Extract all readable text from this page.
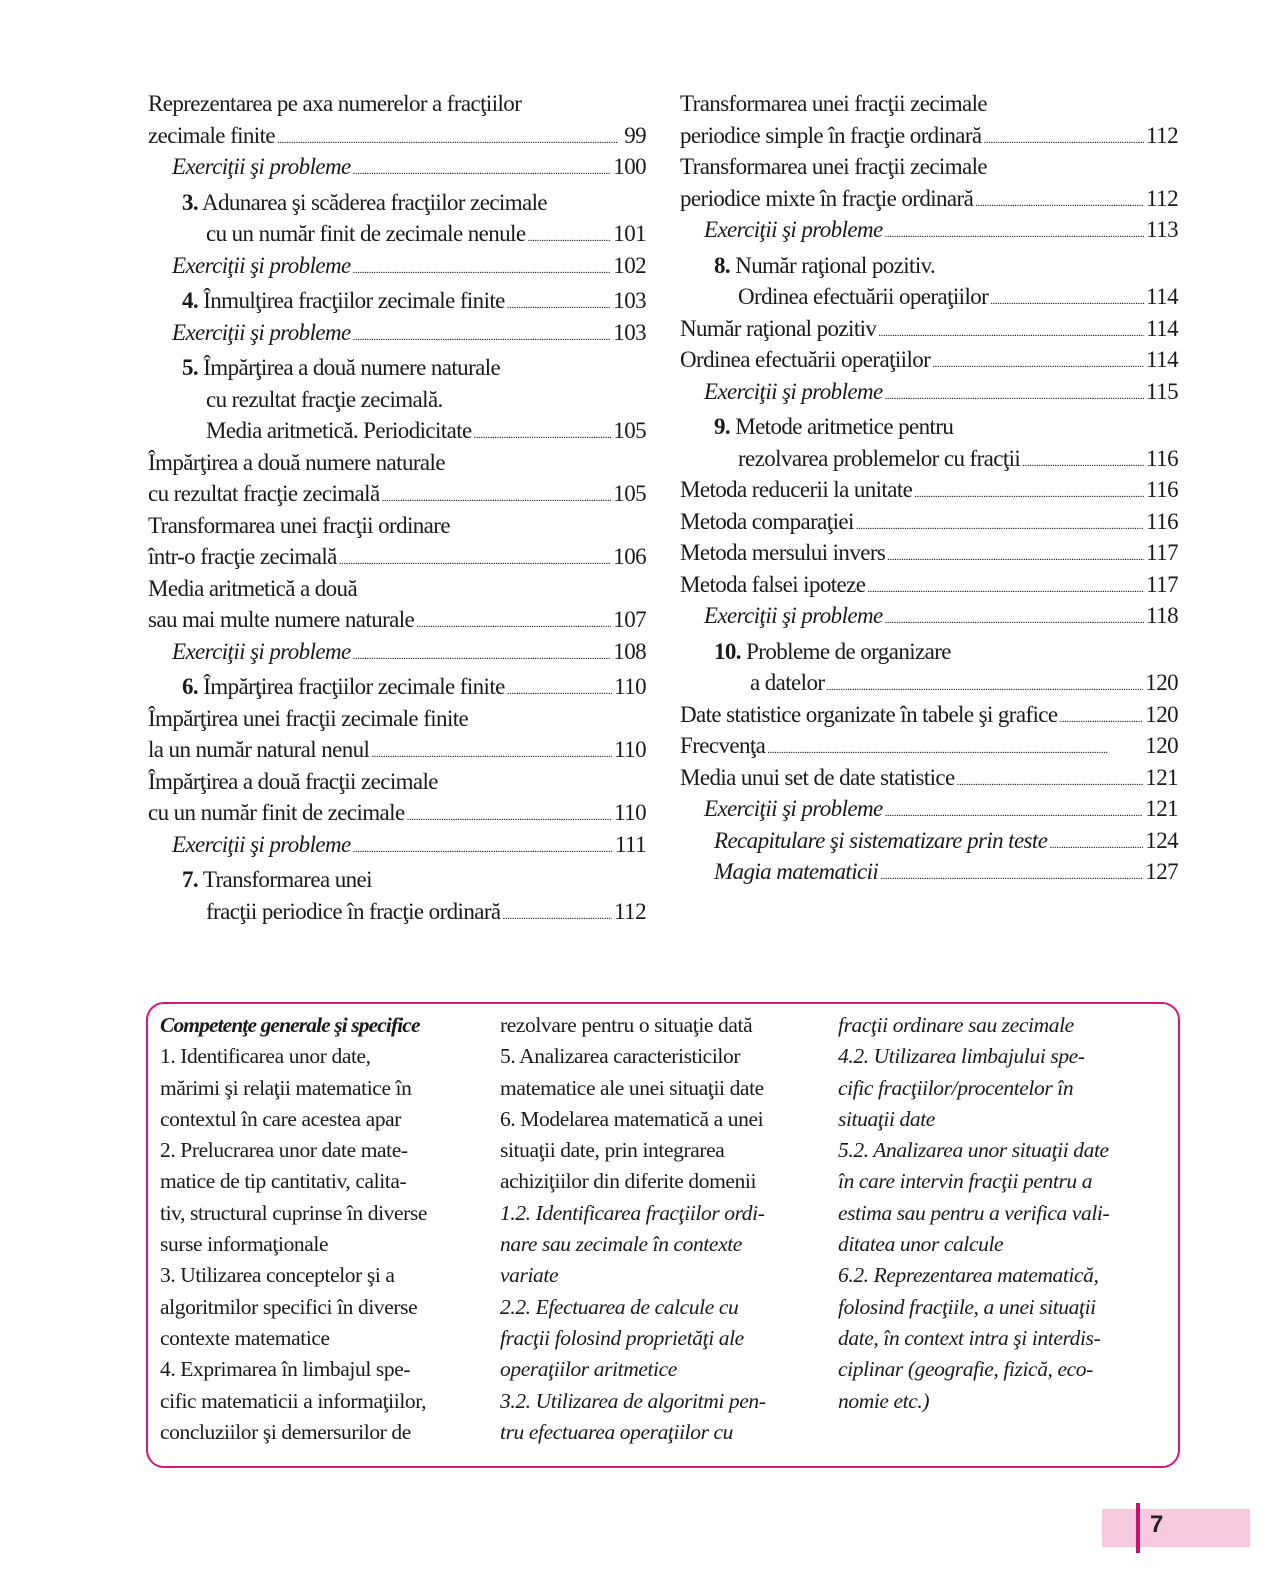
Reprezentarea pe axa numerelor a fracţiilor
zecimale finite . . .	99
Exerciţii şi probleme . . .	100
3. Adunarea şi scăderea fracţiilor zecimale
cu un număr finit de zecimale nenule . . .	101
Exerciţii şi probleme . . .	102
4. Înmulţirea fracţiilor zecimale finite . . .	103
Exerciţii şi probleme . . .	103
5. Împărţirea a două numere naturale
cu rezultat fracţie zecimală.
Media aritmetică. Periodicitate . . .	105
Împărţirea a două numere naturale
cu rezultat fracţie zecimală . . .	105
Transformarea unei fracţii ordinare
într-o fracţie zecimală . . .	106
Media aritmetică a două
sau mai multe numere naturale . . .	107
Exerciţii şi probleme . . .	108
6. Împărţirea fracţiilor zecimale finite . . .	110
Împărţirea unei fracţii zecimale finite
la un număr natural nenul . . .	110
Împărţirea a două fracţii zecimale
cu un număr finit de zecimale . . .	110
Exerciţii şi probleme . . .	111
7. Transformarea unei
fracţii periodice în fracţie ordinară . . .	112
Transformarea unei fracţii zecimale
periodice simple în fracţie ordinară . . .	112
Transformarea unei fracţii zecimale
periodice mixte în fracţie ordinară . . .	112
Exerciţii şi probleme . . .	113
8. Număr raţional pozitiv.
Ordinea efectuării operaţiilor . . .	114
Număr raţional pozitiv . . .	114
Ordinea efectuării operaţiilor . . .	114
Exerciţii şi probleme . . .	115
9. Metode aritmetice pentru
rezolvarea problemelor cu fracţii . . .	116
Metoda reducerii la unitate . . .	116
Metoda comparaţiei . . .	116
Metoda mersului invers . . .	117
Metoda falsei ipoteze . . .	117
Exerciţii şi probleme . . .	118
10. Probleme de organizare
a datelor . . .	120
Date statistice organizate în tabele şi grafice . . .	120
Frecvenţa . . .	120
Media unui set de date statistice . . .	121
Exerciţii şi probleme . . .	121
Recapitulare şi sistematizare prin teste . . .	124
Magia matematicii . . .	127
Competenţe generale şi specifice
1. Identificarea unor date,
mărimi şi relaţii matematice în
contextul în care acestea apar
2. Prelucrarea unor date mate-
matice de tip cantitativ, calita-
tiv, structural cuprinse în diverse
surse informaţionale
3. Utilizarea conceptelor şi a
algoritmilor specifici în diverse
contexte matematice
4. Exprimarea în limbajul spe-
cific matematicii a informaţiilor,
concluziilor şi demersurilor de
rezolvare pentru o situaţie dată
5. Analizarea caracteristicilor
matematice ale unei situaţii date
6. Modelarea matematică a unei
situaţii date, prin integrarea
achiziţiilor din diferite domenii
1.2. Identificarea fracţiilor ordi-
nare sau zecimale în contexte
variate
2.2. Efectuarea de calcule cu
fracţii folosind proprietăţi ale
operaţiilor aritmetice
3.2. Utilizarea de algoritmi pen-
tru efectuarea operaţiilor cu
fracţii ordinare sau zecimale
4.2. Utilizarea limbajului spe-
cific fracţiilor/procentelor în
situaţii date
5.2. Analizarea unor situaţii date
în care intervin fracţii pentru a
estima sau pentru a verifica vali-
ditatea unor calcule
6.2. Reprezentarea matematică,
folosind fracţiile, a unei situaţii
date, în context intra şi interdis-
ciplinar (geografie, fizică, eco-
nomie etc.)
7
